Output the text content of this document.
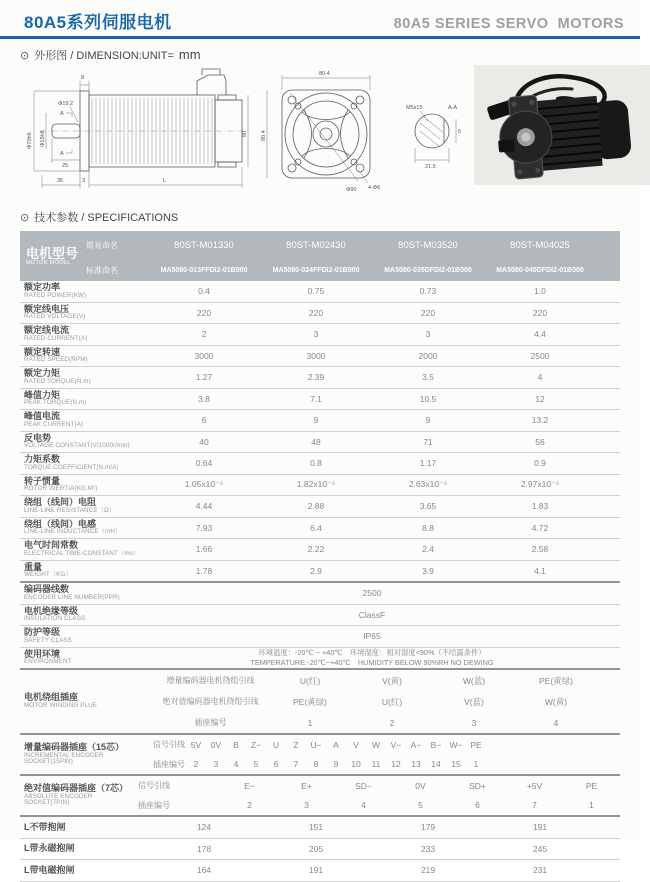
80A5系列伺服电机	80A5 SERIES SERVO  MOTORS
⊙ 外形图 / DIMENSION:UNIT= mm
8
Φ19.2
Φ70h6 Φ15h6
A
A
25
35	3	L
80
80.4
80.4
Φ90 4-Φ6
M5x15	A-A
5
21.5
⊙ 技术参数 / SPECIFICATIONS
电机型号
MOTOR MODEL
简易命名	80ST-M01330	80ST-M02430	80ST-M03520	80ST-M04025
标准命名	MA5080-013FFDI2-01B000	MA5080-024FFDI2-01B000	MA5080-035DFDI2-01B000	MA5080-040DFDI2-01B000
额定功率
RATED POWER(KW)	0.4	0.75	0.73	1.0
额定线电压
RATED VOLTAGE(V)	220	220	220	220
额定线电流
RATED CURRENT(A)	2	3	3	4.4
额定转速
RATED SPEED(RPM)	3000	3000	2000	2500
额定力矩
RATED TORQUE(N.m)	1.27	2.39	3.5	4
峰值力矩
PEAK TORQUE(N.m)	3.8	7.1	10.5	12
峰值电流
PEAK CURRENT(A)	6	9	9	13.2
反电势
VOLTAGE CONSTANT(V/1000r/min)	40	48	71	56
力矩系数
TORQUE COEFFICIENT(N.m/A)	0.64	0.8	1.17	0.9
转子惯量
ROTOR INERTIA(KG.M²)	1.05x10⁻⁴	1.82x10⁻⁴	2.63x10⁻⁴	2.97x10⁻⁴
绕组（线间）电阻
LINE-LINE RESISTANCE（Ω）	4.44	2.88	3.65	1.83
绕组（线间）电感
LINE-LINE INDUCTANCE（mH）	7.93	6.4	8.8	4.72
电气时间常数
ELECTRICAL TIME-CONSTANT（ms）	1.66	2.22	2.4	2.58
重量
WEIGHT（KG）	1.78	2.9	3.9	4.1
编码器线数
ENCODER LINE NUMBER(PPR)	2500
电机绝缘等级
INSULATION CLASS	ClassF
防护等级
SAFETY CLASS	IP65
使用环境
ENVIRONMENT
环境温度：-20℃ ~ +40℃　环境湿度：相对湿度<90%（不结露条件）
TEMPERATURE:-20℃~+40℃　HUMIDITY BELOW 90%RH NO DEWING
电机绕组插座
MOTOR WINDING PLUE
增量编码器电机绕组引线	U(红)	V(黄)	W(蓝)	PE(黄绿)
绝对值编码器电机绕组引线	PE(黄绿)	U(红)	V(蓝)	W(黄)
插座编号	1	2	3	4
增量编码器插座（15芯）
INCREMENTAL ENCODER
SOCKET(15PIN)
信号引线 5V	0V	B	Z−	U	Z	U−	A	V	W	V−	A−	B− W− PE
插座编号	2	3	4	5	6	7	8	9	10	11	12	13	14	15	1
绝对值编码器插座（7芯）
ABSOLUTE ENCODER SOCKET(7PIN)
信号引线	E−	E+	SD−	0V	SD+	+5V	PE
插座编号	2	3	4	5	6	7	1
L不带抱闸	124	151	179	191
L带永磁抱闸	178	205	233	245
L带电磁抱闸	164	191	219	231
